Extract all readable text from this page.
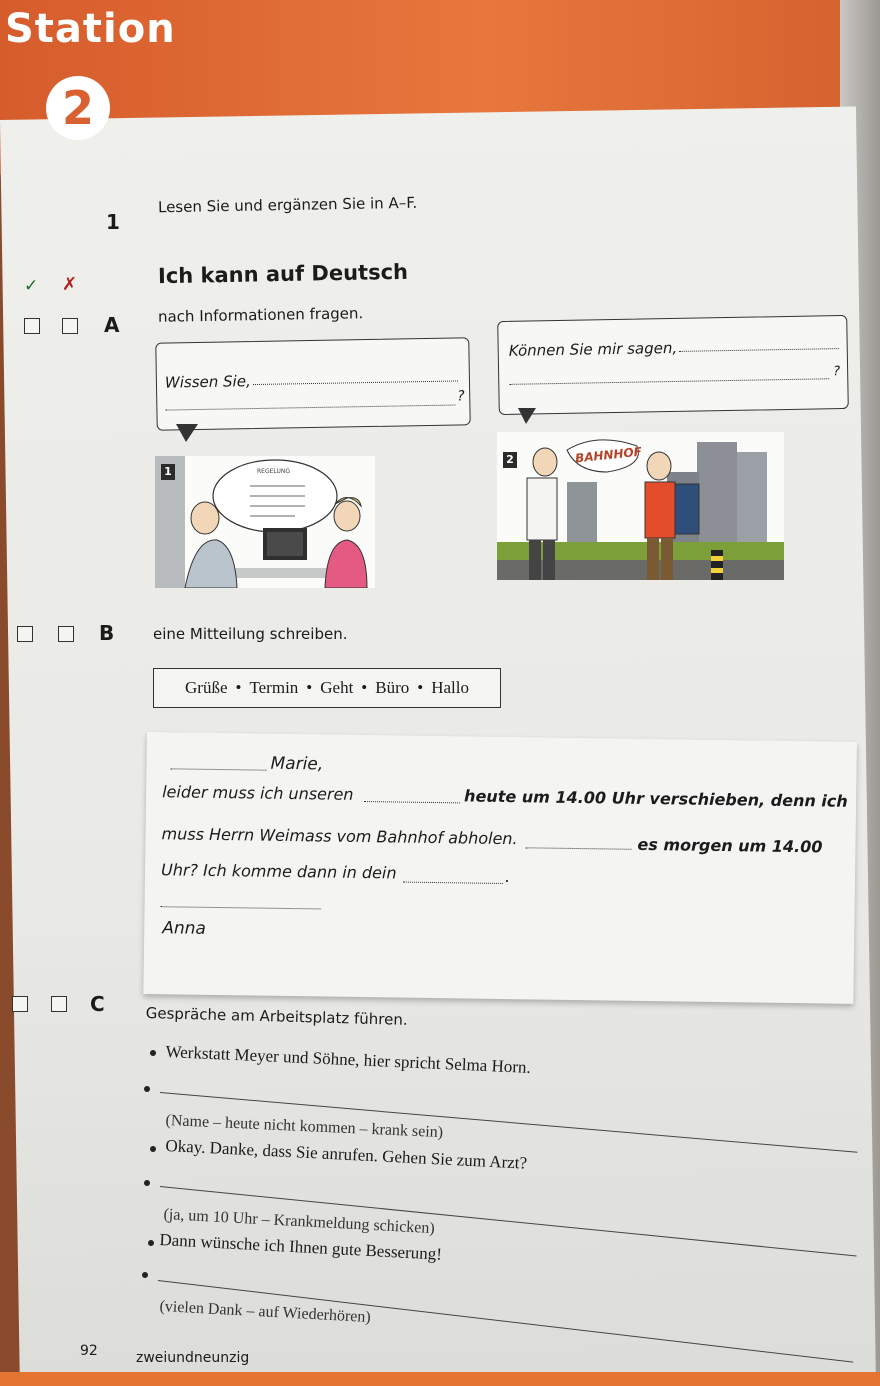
Station
2
1
Lesen Sie und ergänzen Sie in A–F.
✓ ✗	Ich kann auf Deutsch
A	nach Informationen fragen.
Wissen Sie,
?
Können Sie mir sagen,
?
1	REGELUNG
2	BAHNHOF
B	eine Mitteilung schreiben.
Grüße • Termin • Geht • Büro • Hallo
Marie,
leider muss ich unseren	heute um 14.00 Uhr verschieben, denn ich
muss Herrn Weimass vom Bahnhof abholen.	es morgen um 14.00
Uhr? Ich komme dann in dein	.
Anna
C	Gespräche am Arbeitsplatz führen.
Werkstatt Meyer und Söhne, hier spricht Selma Horn.
(Name – heute nicht kommen – krank sein)
Okay. Danke, dass Sie anrufen. Gehen Sie zum Arzt?
(ja, um 10 Uhr – Krankmeldung schicken)
Dann wünsche ich Ihnen gute Besserung!
(vielen Dank – auf Wiederhören)
92	zweiundneunzig
